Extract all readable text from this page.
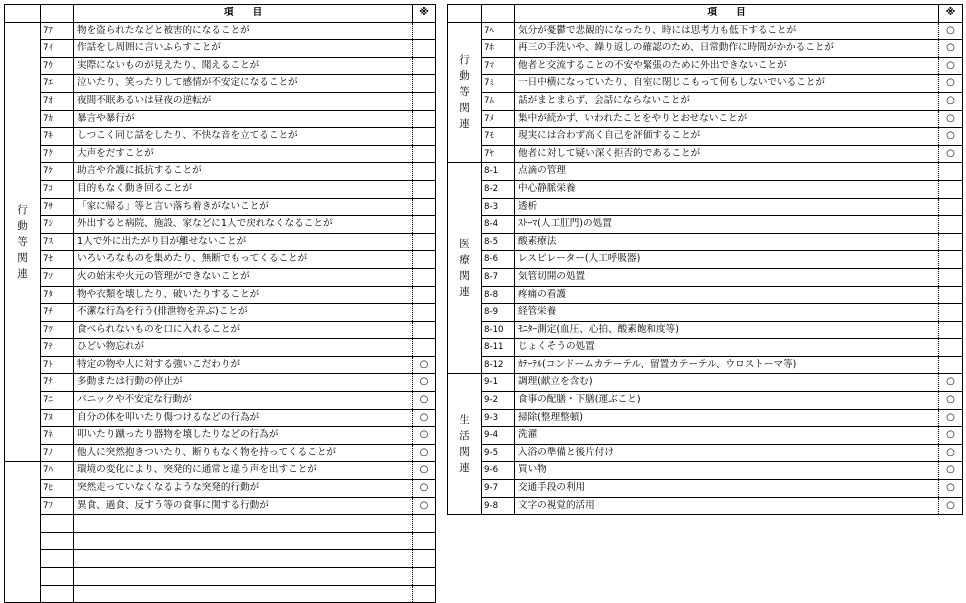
		項　　目	※

行動等関連	7ｱ	物を盗られたなどと被害的になることが	
	7ｲ	作話をし周囲に言いふらすことが	
	7ｳ	実際にないものが見えたり、聞えることが	
	7ｴ	泣いたり、笑ったりして感情が不安定になることが	
	7ｵ	夜間不眠あるいは昼夜の逆転が	
	7ｶ	暴言や暴行が	
	7ｷ	しつこく同じ話をしたり、不快な音を立てることが	
	7ｸ	大声をだすことが	
	7ｹ	助言や介護に抵抗することが	
	7ｺ	目的もなく動き回ることが	
	7ｻ	「家に帰る」等と言い落ち着きがないことが	
	7ｼ	外出すると病院、施設、家などに1人で戻れなくなることが	
	7ｽ	1人で外に出たがり目が離せないことが	
	7ｾ	いろいろなものを集めたり、無断でもってくることが	
	7ｿ	火の始末や火元の管理ができないことが	
	7ﾀ	物や衣類を壊したり、破いたりすることが	
	7ﾁ	不潔な行為を行う(排泄物を弄ぶ)ことが	
	7ﾂ	食べられないものを口に入れることが	
	7ﾃ	ひどい物忘れが	
	7ﾄ	特定の物や人に対する強いこだわりが	○
	7ﾅ	多動または行動の停止が	○
	7ﾆ	パニックや不安定な行動が	○
	7ﾇ	自分の体を叩いたり傷つけるなどの行為が	○
	7ﾈ	叩いたり蹴ったり器物を壊したりなどの行為が	○
	7ﾉ	他人に突然抱きついたり、断りもなく物を持ってくることが	○

	7ﾊ	環境の変化により、突発的に通常と違う声を出すことが	○
	7ﾋ	突然走っていなくなるような突発的行動が	○
	7ﾌ	異食、過食、反すう等の食事に関する行動が	○

		項　　目	※

行動等関連	7ﾍ	気分が憂鬱で悲観的になったり、時には思考力も低下することが	○
	7ﾎ	再三の手洗いや、繰り返しの確認のため、日常動作に時間がかかることが	○
	7ﾏ	他者と交流することの不安や緊張のために外出できないことが	○
	7ﾐ	一日中横になっていたり、自室に閉じこもって何もしないでいることが	○
	7ﾑ	話がまとまらず、会話にならないことが	○
	7ﾒ	集中が続かず、いわれたことをやりとおせないことが	○
	7ﾓ	現実には合わず高く自己を評価することが	○
	7ﾔ	他者に対して疑い深く拒否的であることが	○

医療関連	8-1	点滴の管理	
	8-2	中心静脈栄養	
	8-3	透析	
	8-4	ｽﾄｰﾏ(人工肛門)の処置	
	8-5	酸素療法	
	8-6	レスピレーター(人工呼吸器)	
	8-7	気管切開の処置	
	8-8	疼痛の看護	
	8-9	経管栄養	
	8-10	ﾓﾆﾀｰ測定(血圧、心拍、酸素飽和度等)	
	8-11	じょくそうの処置	
	8-12	ｶﾃｰﾃﾙ(コンドームカテーテル、留置カテーテル、ウロストーマ等)	

生活関連	9-1	調理(献立を含む)	○
	9-2	食事の配膳・下膳(運ぶこと)	○
	9-3	掃除(整理整頓)	○
	9-4	洗濯	○
	9-5	入浴の準備と後片付け	○
	9-6	買い物	○
	9-7	交通手段の利用	○
	9-8	文字の視覚的活用	○
